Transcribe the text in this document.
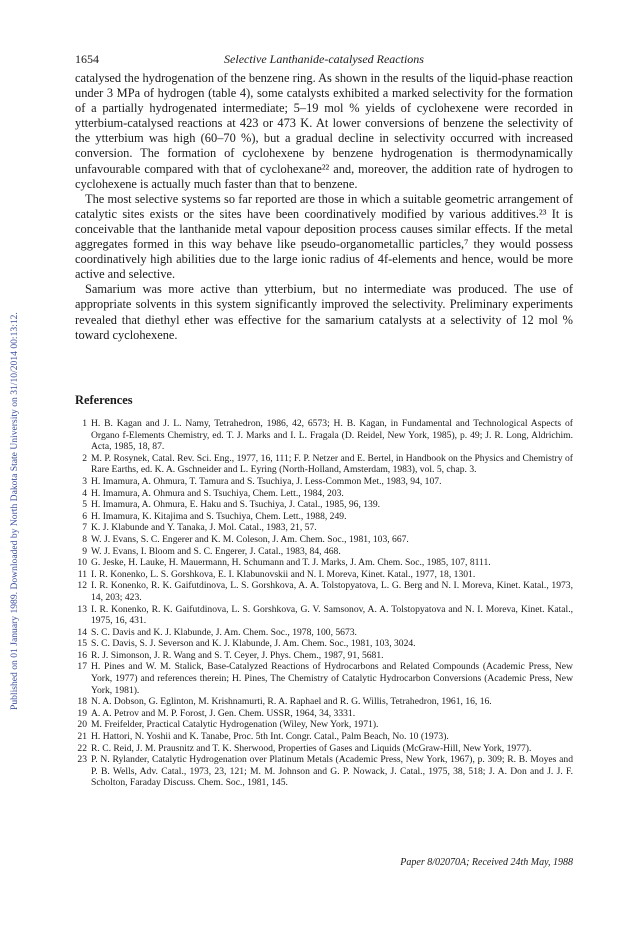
Published on 01 January 1989. Downloaded by North Dakota State University on 31/10/2014 00:13:12.
1654	Selective Lanthanide-catalysed Reactions

catalysed the hydrogenation of the benzene ring. As shown in the results of the liquid-phase reaction under 3 MPa of hydrogen (table 4), some catalysts exhibited a marked selectivity for the formation of a partially hydrogenated intermediate; 5–19 mol % yields of cyclohexene were recorded in ytterbium-catalysed reactions at 423 or 473 K. At lower conversions of benzene the selectivity of the ytterbium was high (60–70 %), but a gradual decline in selectivity occurred with increased conversion. The formation of cyclohexene by benzene hydrogenation is thermodynamically unfavourable compared with that of cyclohexane²² and, moreover, the addition rate of hydrogen to cyclohexene is actually much faster than that to benzene.

The most selective systems so far reported are those in which a suitable geometric arrangement of catalytic sites exists or the sites have been coordinatively modified by various additives.²³ It is conceivable that the lanthanide metal vapour deposition process causes similar effects. If the metal aggregates formed in this way behave like pseudo-organometallic particles,⁷ they would possess coordinatively high abilities due to the large ionic radius of 4f-elements and hence, would be more active and selective.

Samarium was more active than ytterbium, but no intermediate was produced. The use of appropriate solvents in this system significantly improved the selectivity. Preliminary experiments revealed that diethyl ether was effective for the samarium catalysts at a selectivity of 12 mol % toward cyclohexene.

References
1 H. B. Kagan and J. L. Namy, Tetrahedron, 1986, 42, 6573; H. B. Kagan, in Fundamental and Technological Aspects of Organo f-Elements Chemistry, ed. T. J. Marks and I. L. Fragala (D. Reidel, New York, 1985), p. 49; J. R. Long, Aldrichim. Acta, 1985, 18, 87.
2 M. P. Rosynek, Catal. Rev. Sci. Eng., 1977, 16, 111; F. P. Netzer and E. Bertel, in Handbook on the Physics and Chemistry of Rare Earths, ed. K. A. Gschneider and L. Eyring (North-Holland, Amsterdam, 1983), vol. 5, chap. 3.
3 H. Imamura, A. Ohmura, T. Tamura and S. Tsuchiya, J. Less-Common Met., 1983, 94, 107.
4 H. Imamura, A. Ohmura and S. Tsuchiya, Chem. Lett., 1984, 203.
5 H. Imamura, A. Ohmura, E. Haku and S. Tsuchiya, J. Catal., 1985, 96, 139.
6 H. Imamura, K. Kitajima and S. Tsuchiya, Chem. Lett., 1988, 249.
7 K. J. Klabunde and Y. Tanaka, J. Mol. Catal., 1983, 21, 57.
8 W. J. Evans, S. C. Engerer and K. M. Coleson, J. Am. Chem. Soc., 1981, 103, 667.
9 W. J. Evans, I. Bloom and S. C. Engerer, J. Catal., 1983, 84, 468.
10 G. Jeske, H. Lauke, H. Mauermann, H. Schumann and T. J. Marks, J. Am. Chem. Soc., 1985, 107, 8111.
11 I. R. Konenko, L. S. Gorshkova, E. I. Klabunovskii and N. I. Moreva, Kinet. Katal., 1977, 18, 1301.
12 I. R. Konenko, R. K. Gaifutdinova, L. S. Gorshkova, A. A. Tolstopyatova, L. G. Berg and N. I. Moreva, Kinet. Katal., 1973, 14, 203; 423.
13 I. R. Konenko, R. K. Gaifutdinova, L. S. Gorshkova, G. V. Samsonov, A. A. Tolstopyatova and N. I. Moreva, Kinet. Katal., 1975, 16, 431.
14 S. C. Davis and K. J. Klabunde, J. Am. Chem. Soc., 1978, 100, 5673.
15 S. C. Davis, S. J. Severson and K. J. Klabunde, J. Am. Chem. Soc., 1981, 103, 3024.
16 R. J. Simonson, J. R. Wang and S. T. Ceyer, J. Phys. Chem., 1987, 91, 5681.
17 H. Pines and W. M. Stalick, Base-Catalyzed Reactions of Hydrocarbons and Related Compounds (Academic Press, New York, 1977) and references therein; H. Pines, The Chemistry of Catalytic Hydrocarbon Conversions (Academic Press, New York, 1981).
18 N. A. Dobson, G. Eglinton, M. Krishnamurti, R. A. Raphael and R. G. Willis, Tetrahedron, 1961, 16, 16.
19 A. A. Petrov and M. P. Forost, J. Gen. Chem. USSR, 1964, 34, 3331.
20 M. Freifelder, Practical Catalytic Hydrogenation (Wiley, New York, 1971).
21 H. Hattori, N. Yoshii and K. Tanabe, Proc. 5th Int. Congr. Catal., Palm Beach, No. 10 (1973).
22 R. C. Reid, J. M. Prausnitz and T. K. Sherwood, Properties of Gases and Liquids (McGraw-Hill, New York, 1977).
23 P. N. Rylander, Catalytic Hydrogenation over Platinum Metals (Academic Press, New York, 1967), p. 309; R. B. Moyes and P. B. Wells, Adv. Catal., 1973, 23, 121; M. M. Johnson and G. P. Nowack, J. Catal., 1975, 38, 518; J. A. Don and J. J. F. Scholton, Faraday Discuss. Chem. Soc., 1981, 145.
Paper 8/02070A; Received 24th May, 1988
